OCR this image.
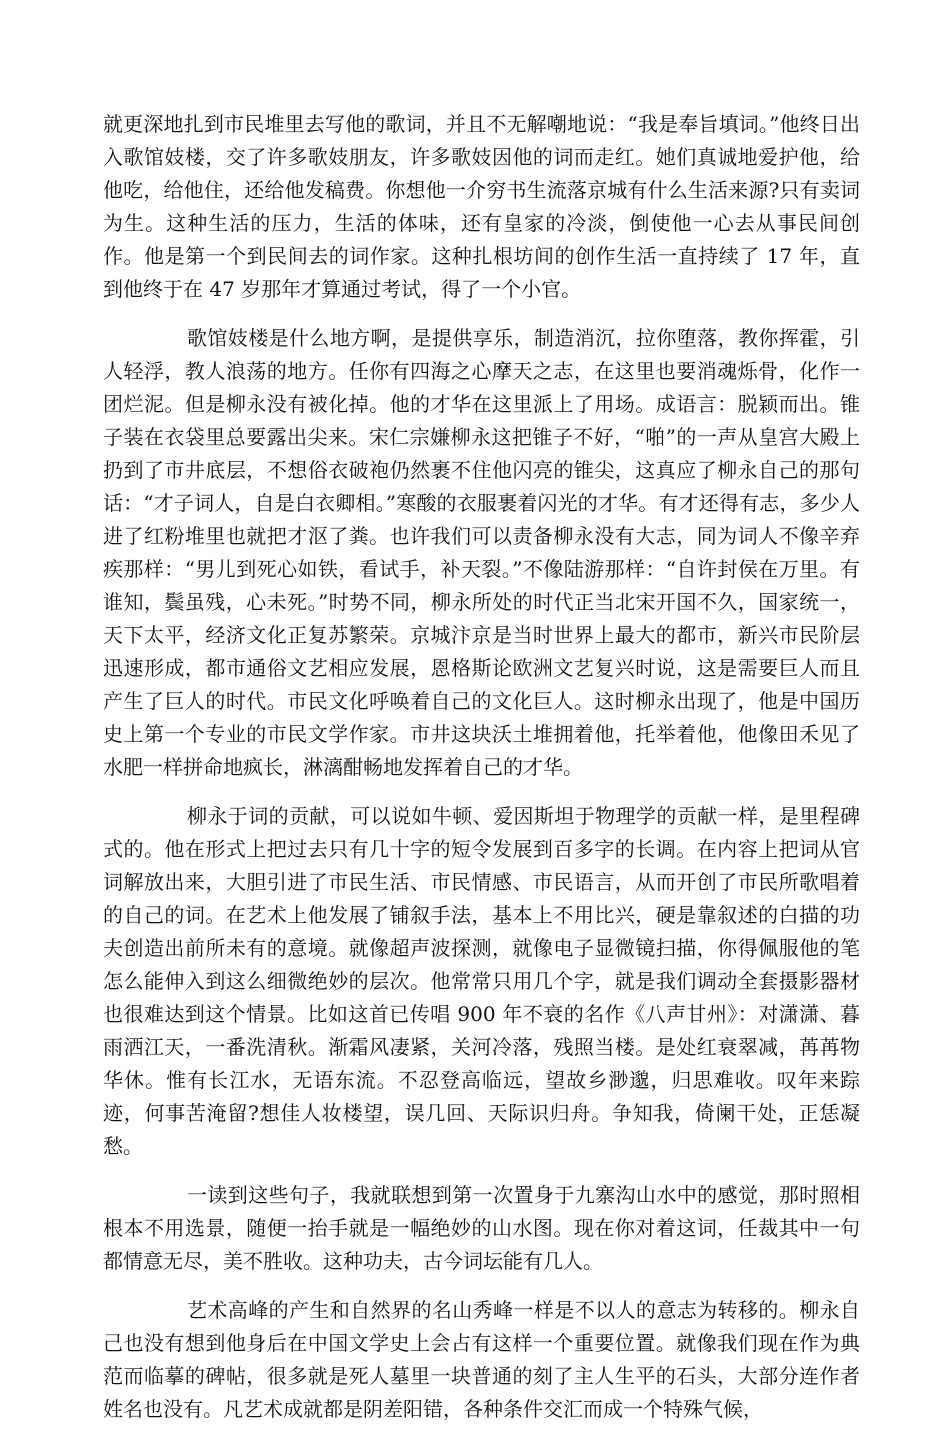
就更深地扎到市民堆里去写他的歌词，并且不无解嘲地说：“我是奉旨填词。”他终日出入歌馆妓楼，交了许多歌妓朋友，许多歌妓因他的词而走红。她们真诚地爱护他，给他吃，给他住，还给他发稿费。你想他一介穷书生流落京城有什么生活来源?只有卖词为生。这种生活的压力，生活的体味，还有皇家的冷淡，倒使他一心去从事民间创作。他是第一个到民间去的词作家。这种扎根坊间的创作生活一直持续了 17 年，直到他终于在 47 岁那年才算通过考试，得了一个小官。

歌馆妓楼是什么地方啊，是提供享乐，制造消沉，拉你堕落，教你挥霍，引人轻浮，教人浪荡的地方。任你有四海之心摩天之志，在这里也要消魂烁骨，化作一团烂泥。但是柳永没有被化掉。他的才华在这里派上了用场。成语言：脱颖而出。锥子装在衣袋里总要露出尖来。宋仁宗嫌柳永这把锥子不好，“啪”的一声从皇宫大殿上扔到了市井底层，不想俗衣破袍仍然裹不住他闪亮的锥尖，这真应了柳永自己的那句话：“才子词人，自是白衣卿相。”寒酸的衣服裹着闪光的才华。有才还得有志，多少人进了红粉堆里也就把才沤了粪。也许我们可以责备柳永没有大志，同为词人不像辛弃疾那样：“男儿到死心如铁，看试手，补天裂。”不像陆游那样：“自许封侯在万里。有谁知，鬓虽残，心未死。”时势不同，柳永所处的时代正当北宋开国不久，国家统一，天下太平，经济文化正复苏繁荣。京城汴京是当时世界上最大的都市，新兴市民阶层迅速形成，都市通俗文艺相应发展，恩格斯论欧洲文艺复兴时说，这是需要巨人而且产生了巨人的时代。市民文化呼唤着自己的文化巨人。这时柳永出现了，他是中国历史上第一个专业的市民文学作家。市井这块沃土堆拥着他，托举着他，他像田禾见了水肥一样拼命地疯长，淋漓酣畅地发挥着自己的才华。

柳永于词的贡献，可以说如牛顿、爱因斯坦于物理学的贡献一样，是里程碑式的。他在形式上把过去只有几十字的短令发展到百多字的长调。在内容上把词从官词解放出来，大胆引进了市民生活、市民情感、市民语言，从而开创了市民所歌唱着的自己的词。在艺术上他发展了铺叙手法，基本上不用比兴，硬是靠叙述的白描的功夫创造出前所未有的意境。就像超声波探测，就像电子显微镜扫描，你得佩服他的笔怎么能伸入到这么细微绝妙的层次。他常常只用几个字，就是我们调动全套摄影器材也很难达到这个情景。比如这首已传唱 900 年不衰的名作《八声甘州》：对潇潇、暮雨洒江天，一番洗清秋。渐霜风凄紧，关河冷落，残照当楼。是处红衰翠减，苒苒物华休。惟有长江水，无语东流。不忍登高临远，望故乡渺邈，归思难收。叹年来踪迹，何事苦淹留?想佳人妆楼望，误几回、天际识归舟。争知我，倚阑干处，正恁凝愁。

一读到这些句子，我就联想到第一次置身于九寨沟山水中的感觉，那时照相根本不用选景，随便一抬手就是一幅绝妙的山水图。现在你对着这词，任裁其中一句都情意无尽，美不胜收。这种功夫，古今词坛能有几人。

艺术高峰的产生和自然界的名山秀峰一样是不以人的意志为转移的。柳永自己也没有想到他身后在中国文学史上会占有这样一个重要位置。就像我们现在作为典范而临摹的碑帖，很多就是死人墓里一块普通的刻了主人生平的石头，大部分连作者姓名也没有。凡艺术成就都是阴差阳错，各种条件交汇而成一个特殊气候，
